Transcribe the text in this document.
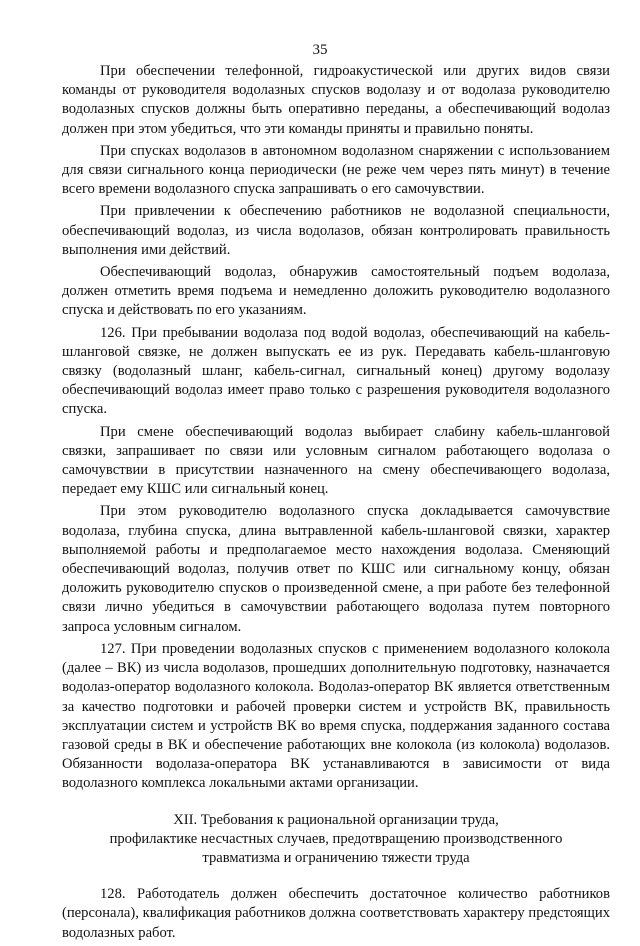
35

При обеспечении телефонной, гидроакустической или других видов связи команды от руководителя водолазных спусков водолазу и от водолаза руководителю водолазных спусков должны быть оперативно переданы, а обеспечивающий водолаз должен при этом убедиться, что эти команды приняты и правильно поняты.

При спусках водолазов в автономном водолазном снаряжении с использованием для связи сигнального конца периодически (не реже чем через пять минут) в течение всего времени водолазного спуска запрашивать о его самочувствии.

При привлечении к обеспечению работников не водолазной специальности, обеспечивающий водолаз, из числа водолазов, обязан контролировать правильность выполнения ими действий.

Обеспечивающий водолаз, обнаружив самостоятельный подъем водолаза, должен отметить время подъема и немедленно доложить руководителю водолазного спуска и действовать по его указаниям.

126. При пребывании водолаза под водой водолаз, обеспечивающий на кабель-шланговой связке, не должен выпускать ее из рук. Передавать кабель-шланговую связку (водолазный шланг, кабель-сигнал, сигнальный конец) другому водолазу обеспечивающий водолаз имеет право только с разрешения руководителя водолазного спуска.

При смене обеспечивающий водолаз выбирает слабину кабель-шланговой связки, запрашивает по связи или условным сигналом работающего водолаза о самочувствии в присутствии назначенного на смену обеспечивающего водолаза, передает ему КШС или сигнальный конец.

При этом руководителю водолазного спуска докладывается самочувствие водолаза, глубина спуска, длина вытравленной кабель-шланговой связки, характер выполняемой работы и предполагаемое место нахождения водолаза. Сменяющий обеспечивающий водолаз, получив ответ по КШС или сигнальному концу, обязан доложить руководителю спусков о произведенной смене, а при работе без телефонной связи лично убедиться в самочувствии работающего водолаза путем повторного запроса условным сигналом.

127. При проведении водолазных спусков с применением водолазного колокола (далее – ВК) из числа водолазов, прошедших дополнительную подготовку, назначается водолаз-оператор водолазного колокола. Водолаз-оператор ВК является ответственным за качество подготовки и рабочей проверки систем и устройств ВК, правильность эксплуатации систем и устройств ВК во время спуска, поддержания заданного состава газовой среды в ВК и обеспечение работающих вне колокола (из колокола) водолазов. Обязанности водолаза-оператора ВК устанавливаются в зависимости от вида водолазного комплекса локальными актами организации.

XII. Требования к рациональной организации труда,
профилактике несчастных случаев, предотвращению производственного
травматизма и ограничению тяжести труда

128. Работодатель должен обеспечить достаточное количество работников (персонала), квалификация работников должна соответствовать характеру предстоящих водолазных работ.
